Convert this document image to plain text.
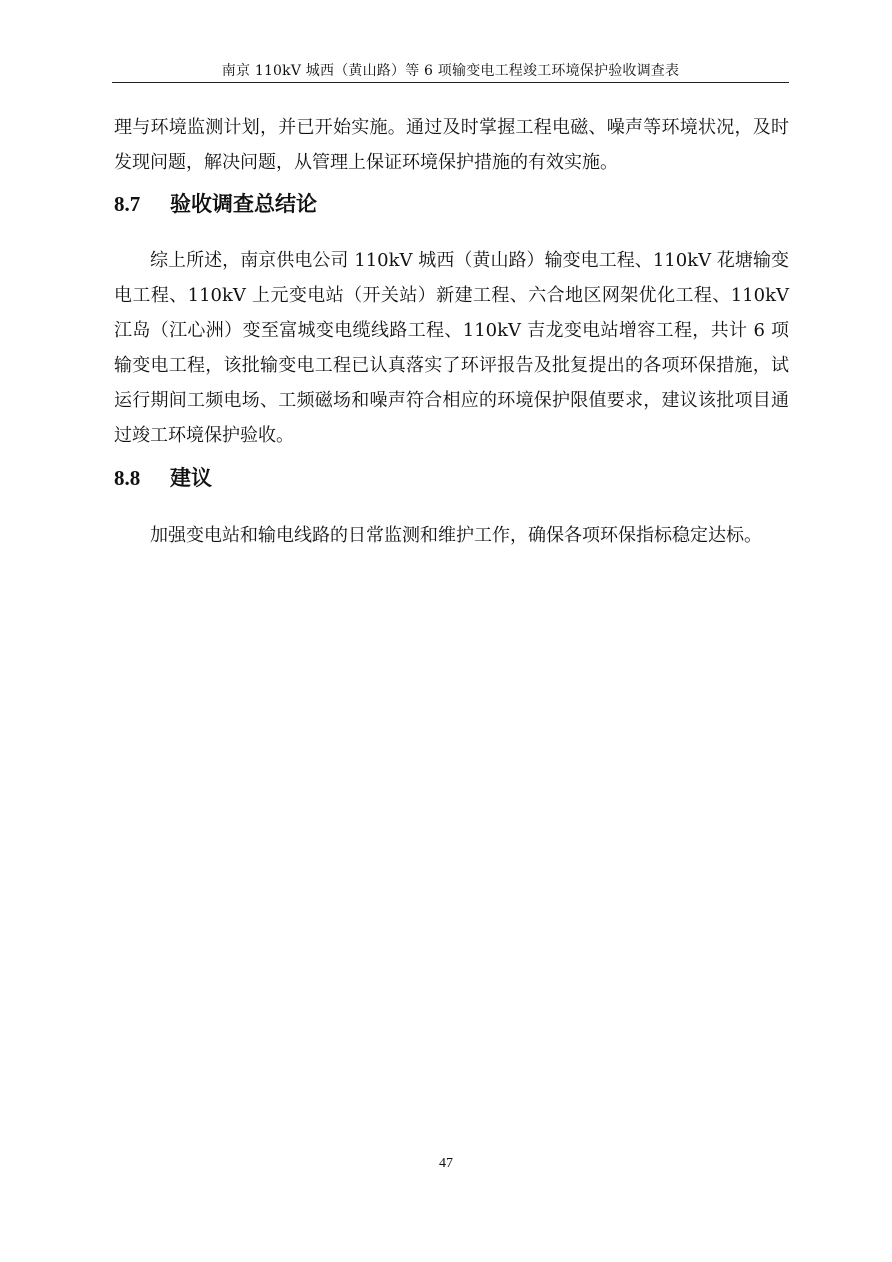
南京 110kV 城西（黄山路）等 6 项输变电工程竣工环境保护验收调查表

理与环境监测计划，并已开始实施。通过及时掌握工程电磁、噪声等环境状况，及时发现问题，解决问题，从管理上保证环境保护措施的有效实施。

8.7 验收调查总结论

综上所述，南京供电公司 110kV 城西（黄山路）输变电工程、110kV 花塘输变电工程、110kV 上元变电站（开关站）新建工程、六合地区网架优化工程、110kV 江岛（江心洲）变至富城变电缆线路工程、110kV 吉龙变电站增容工程，共计 6 项输变电工程，该批输变电工程已认真落实了环评报告及批复提出的各项环保措施，试运行期间工频电场、工频磁场和噪声符合相应的环境保护限值要求，建议该批项目通过竣工环境保护验收。

8.8 建议

加强变电站和输电线路的日常监测和维护工作，确保各项环保指标稳定达标。

47
